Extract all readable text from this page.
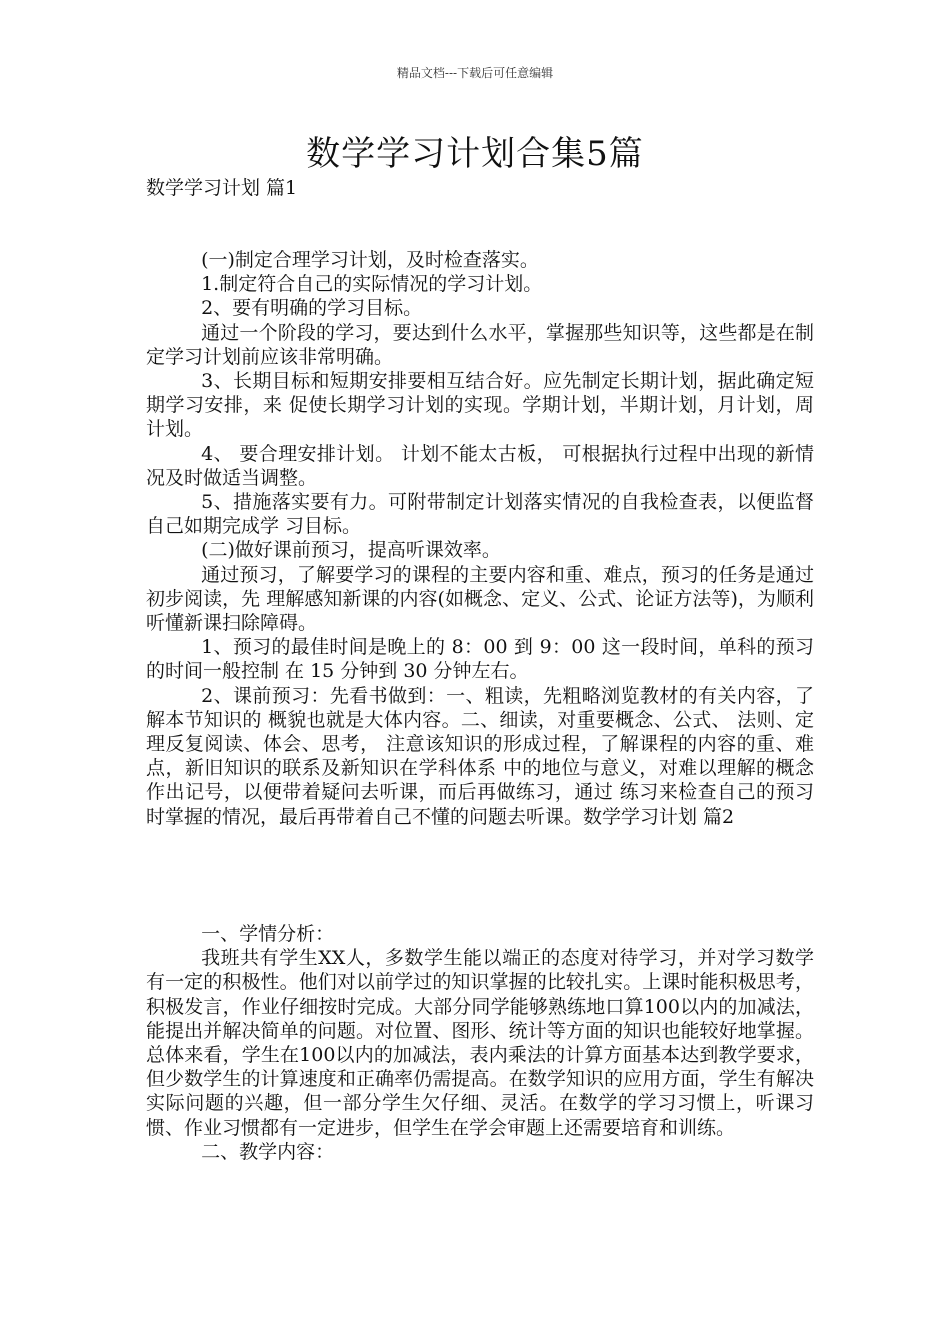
精品文档---下载后可任意编辑
数学学习计划合集5篇
数学学习计划 篇1

(一)制定合理学习计划，及时检查落实。

1.制定符合自己的实际情况的学习计划。

2、要有明确的学习目标。

通过一个阶段的学习，要达到什么水平，掌握那些知识等，这些都是在制定学习计划前应该非常明确。

3、长期目标和短期安排要相互结合好。应先制定长期计划，据此确定短期学习安排，来 促使长期学习计划的实现。学期计划，半期计划，月计划，周计划。

4、 要合理安排计划。 计划不能太古板， 可根据执行过程中出现的新情况及时做适当调整。

5、措施落实要有力。可附带制定计划落实情况的自我检查表，以便监督自己如期完成学 习目标。

(二)做好课前预习，提高听课效率。

通过预习，了解要学习的课程的主要内容和重、难点，预习的任务是通过初步阅读，先 理解感知新课的内容(如概念、定义、公式、论证方法等)，为顺利听懂新课扫除障碍。

1、预习的最佳时间是晚上的 8：00 到 9：00 这一段时间，单科的预习的时间一般控制 在 15 分钟到 30 分钟左右。

2、课前预习：先看书做到：一、粗读，先粗略浏览教材的有关内容，了解本节知识的 概貌也就是大体内容。二、细读，对重要概念、公式、 法则、定理反复阅读、体会、思考， 注意该知识的形成过程，了解课程的内容的重、难点，新旧知识的联系及新知识在学科体系 中的地位与意义，对难以理解的概念作出记号，以便带着疑问去听课，而后再做练习，通过 练习来检查自己的预习时掌握的情况，最后再带着自己不懂的问题去听课。数学学习计划 篇2

一、学情分析：

我班共有学生XX人，多数学生能以端正的态度对待学习，并对学习数学有一定的积极性。他们对以前学过的知识掌握的比较扎实。上课时能积极思考，积极发言，作业仔细按时完成。大部分同学能够熟练地口算100以内的加减法，能提出并解决简单的问题。对位置、图形、统计等方面的知识也能较好地掌握。总体来看，学生在100以内的加减法，表内乘法的计算方面基本达到教学要求，但少数学生的计算速度和正确率仍需提高。在数学知识的应用方面，学生有解决实际问题的兴趣，但一部分学生欠仔细、灵活。在数学的学习习惯上，听课习惯、作业习惯都有一定进步，但学生在学会审题上还需要培育和训练。

二、教学内容：
